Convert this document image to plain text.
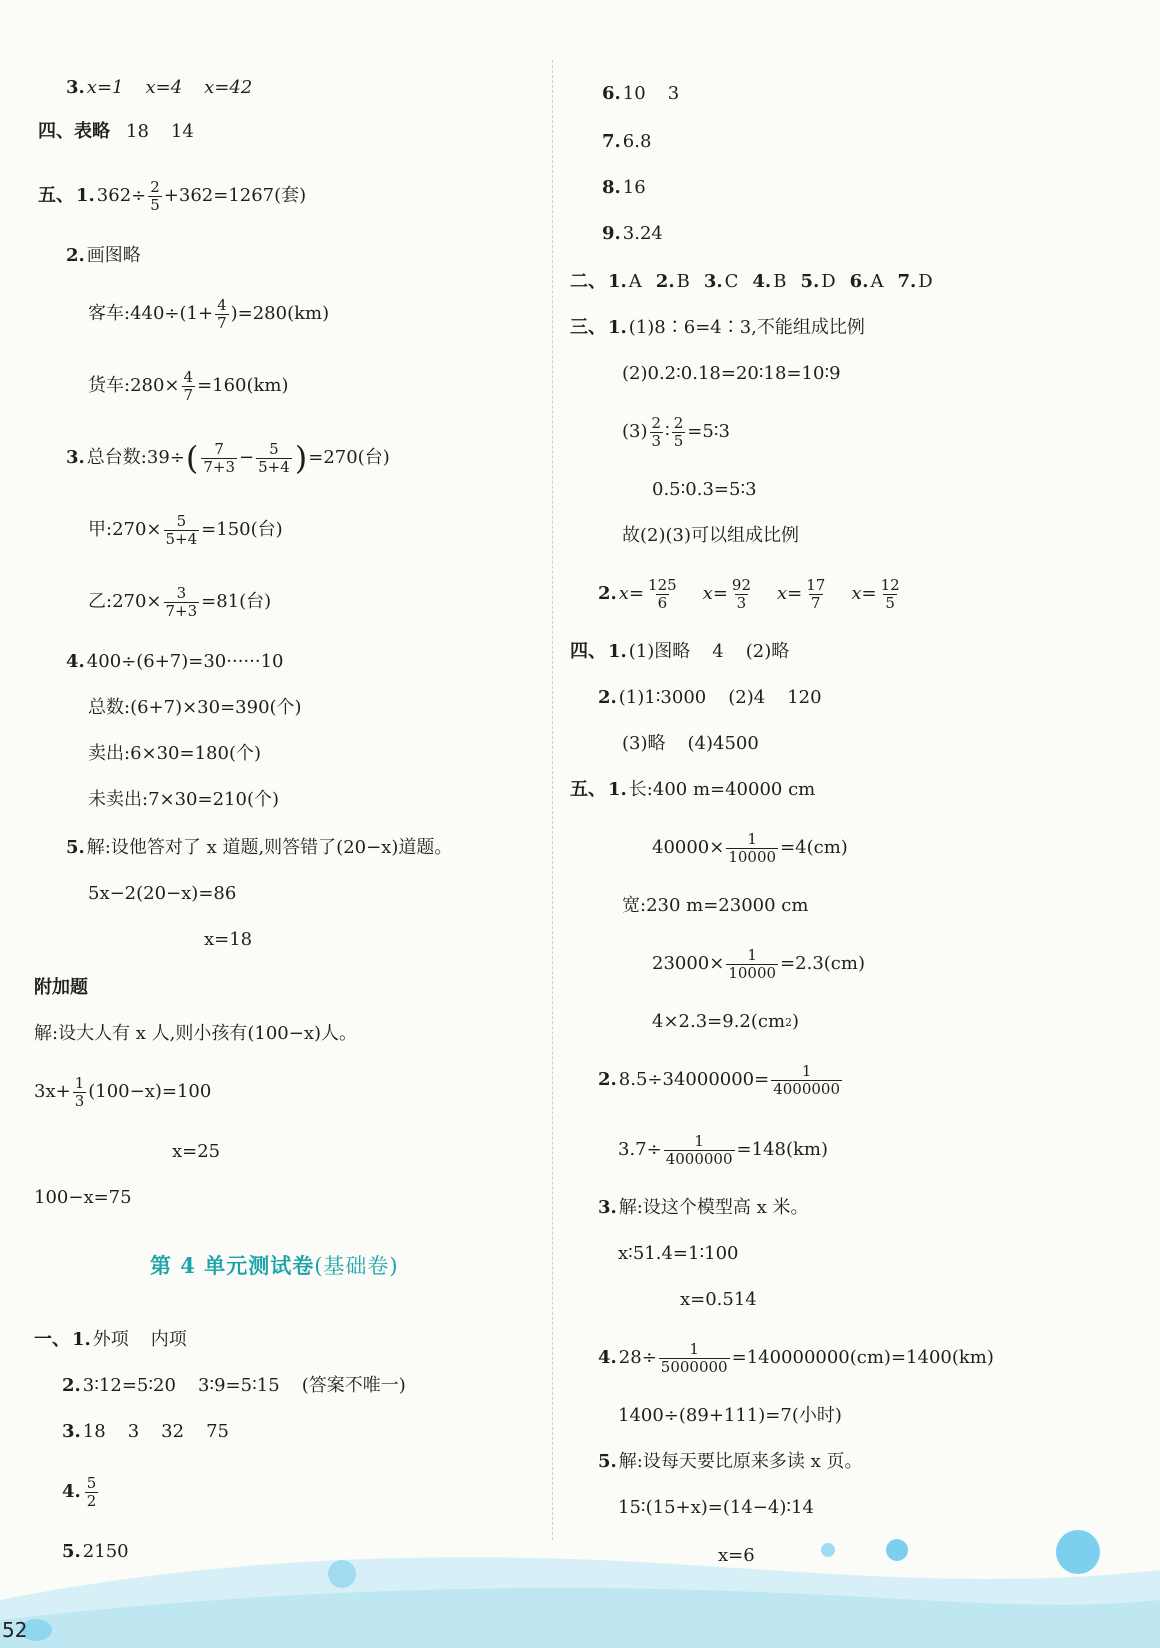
3. x=1 x=4 x=42
四、表略 18 14
五、 1. $362\div \frac{2}{5} +362=1267$(套)
2. 画图略
客车:440÷(1+ $\frac{4}{7} )=280(km)$
货车:280× $\frac{4}{7} =160(km)$
3. 总台数:39÷ ( $\frac{7}{7+3} - \frac{5}{5+4}$ ) =270(台)
甲:270× $\frac{5}{5+4} =150$(台)
乙:270× $\frac{3}{7+3} =81$(台)
4. 400÷(6+7)=30······10
总数:(6+7)×30=390(个)
卖出:6×30=180(个)
未卖出:7×30=210(个)
5. 解:设他答对了 x 道题,则答错了(20−x)道题。
5x−2(20−x)=86
x=18
附加题
解:设大人有 x 人,则小孩有(100−x)人。
$3x+ \frac{1}{3} (100-x)=100$
x=25
100−x=75
第 4 单元测试卷(基础卷)
一、 1. 外项 内项
2. 3∶12=5∶20 3∶9=5∶15 (答案不唯一)
3. 18 3 32 75
4. $\frac{5}{2}$
5. 2150
6. 10 3
7. 6.8
8. 16
9. 3.24
二、 1. A 2. B 3. C 4. B 5. D 6. A 7. D
三、 1. (1)8∶6=4∶3,不能组成比例
(2)0.2∶0.18=20∶18=10∶9
$(3) \frac{2}{3}$ ∶ $\frac{2}{5}$ =5∶3
0.5∶0.3=5∶3
故(2)(3)可以组成比例
2. $x= \frac{125}{6} x= \frac{92}{3} x= \frac{17}{7} x= \frac{12}{5}$
四、 1. (1)图略 4 (2)略
2. (1)1∶3000 (2)4 120
(3)略 (4)4500
五、 1. 长:400 m=40000 cm
$40000\times \frac{1}{10000} =4(cm)$
宽:230 m=23000 cm
$23000\times \frac{1}{10000} =2.3(cm)$
4×2.3=9.2(cm 2 )
2. $8.5\div 34000000= \frac{1}{4000000}$
$3.7\div \frac{1}{4000000} =148(km)$
3. 解:设这个模型高 x 米。
x∶51.4=1∶100
x=0.514
4. $28\div \frac{1}{5000000} =140000000(cm)=1400(km)$
1400÷(89+111)=7(小时)
5. 解:设每天要比原来多读 x 页。
15∶(15+x)=(14−4)∶14
x=6
52
